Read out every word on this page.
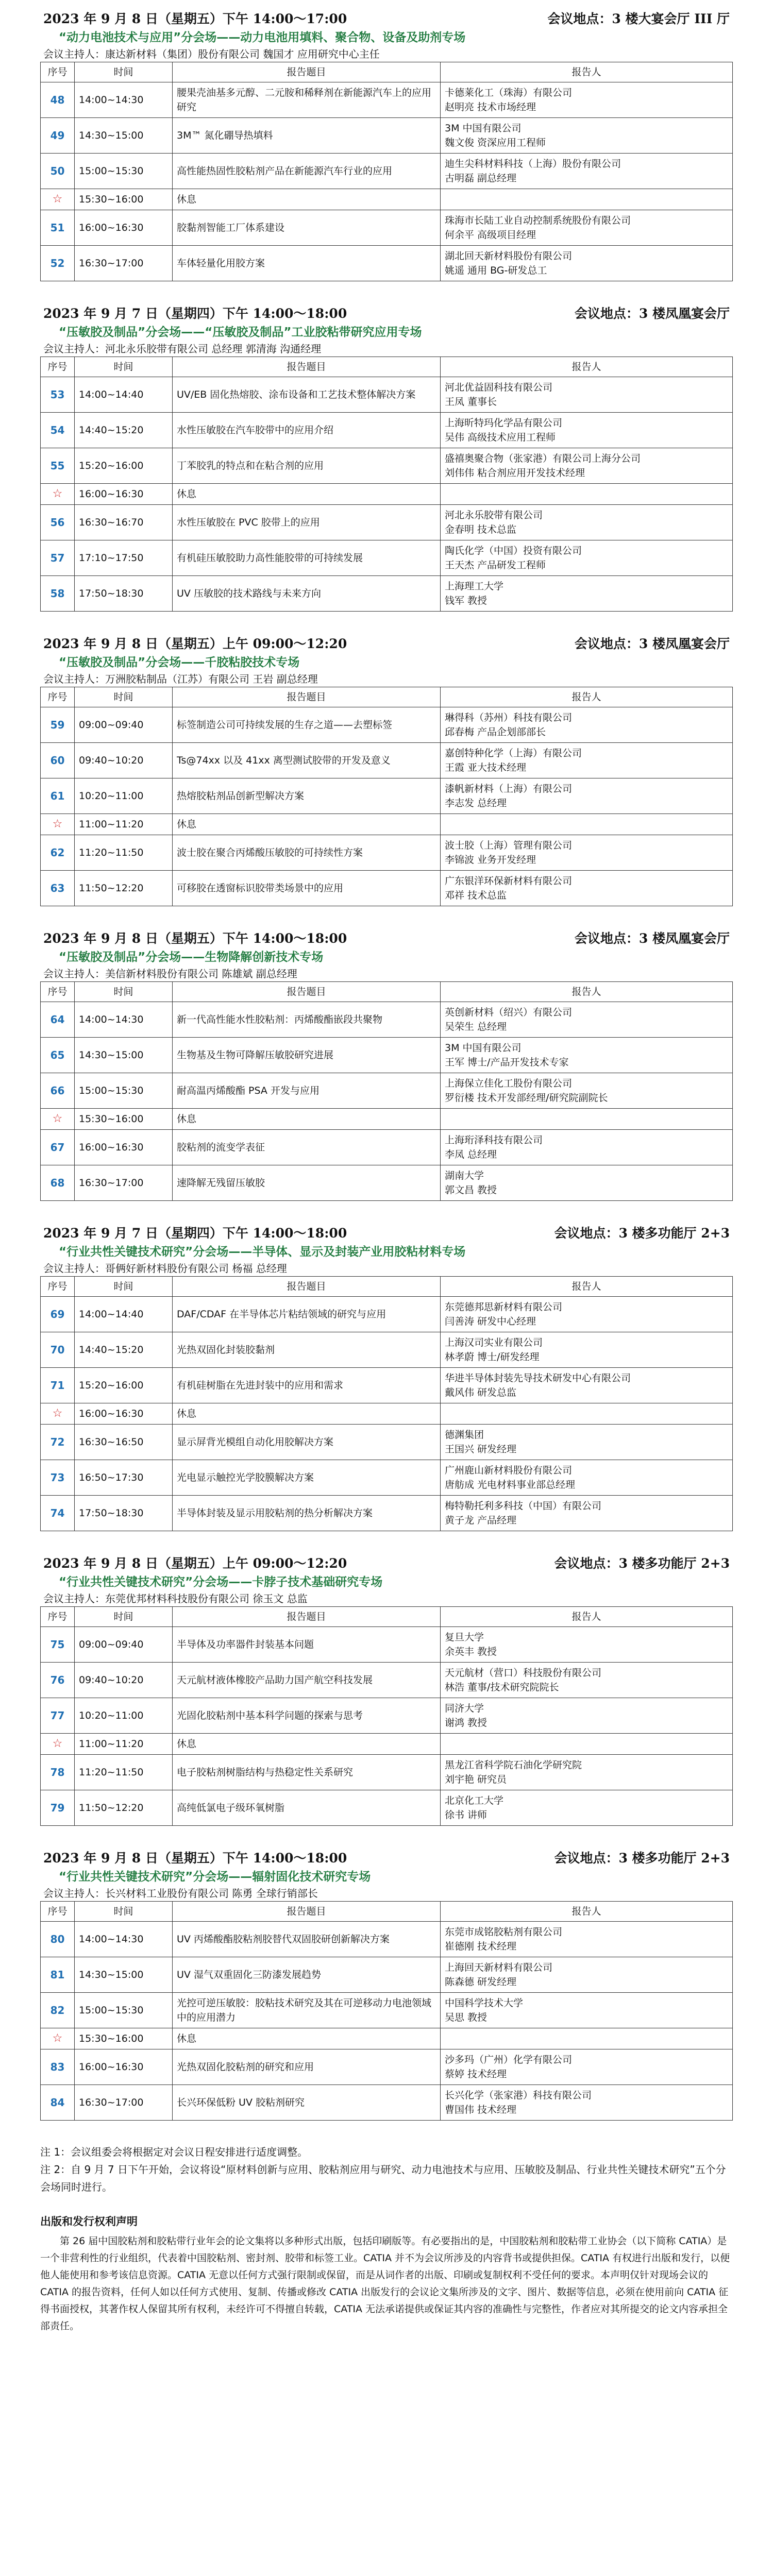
2023 年 9 月 8 日（星期五）下午 14:00～17:00	会议地点：3 楼大宴会厅 III 厅
“动力电池技术与应用”分会场——动力电池用填料、聚合物、设备及助剂专场
会议主持人：康达新材料（集团）股份有限公司 魏国才 应用研究中心主任
序号	时间	报告题目	报告人
48	14:00~14:30	腰果壳油基多元醇、二元胺和稀释剂在新能源汽车上的应用研究	卡德莱化工（珠海）有限公司
赵明亮 技术市场经理
49	14:30~15:00	3M™ 氮化硼导热填料	3M 中国有限公司
魏文俊 资深应用工程师
50	15:00~15:30	高性能热固性胶粘剂产品在新能源汽车行业的应用	迪生尖科材料科技（上海）股份有限公司
古明磊 副总经理
☆	15:30~16:00	休息	
51	16:00~16:30	胶黏剂智能工厂体系建设	珠海市长陆工业自动控制系统股份有限公司
何余平 高级项目经理
52	16:30~17:00	车体轻量化用胶方案	湖北回天新材料股份有限公司
姚遥 通用 BG-研发总工
2023 年 9 月 7 日（星期四）下午 14:00～18:00	会议地点：3 楼凤凰宴会厅
“压敏胶及制品”分会场——“压敏胶及制品”工业胶粘带研究应用专场
会议主持人：河北永乐胶带有限公司 总经理 郭清海 沟通经理
序号	时间	报告题目	报告人
53	14:00~14:40	UV/EB 固化热熔胶、涂布设备和工艺技术整体解决方案	河北优益固科技有限公司
王凤 董事长
54	14:40~15:20	水性压敏胶在汽车胶带中的应用介绍	上海昕特玛化学品有限公司
吴伟 高级技术应用工程师
55	15:20~16:00	丁苯胶乳的特点和在粘合剂的应用	盛禧奥聚合物（张家港）有限公司上海分公司
刘伟伟 粘合剂应用开发技术经理
☆	16:00~16:30	休息	
56	16:30~16:70	水性压敏胶在 PVC 胶带上的应用	河北永乐胶带有限公司
金春明 技术总监
57	17:10~17:50	有机硅压敏胶助力高性能胶带的可持续发展	陶氏化学（中国）投资有限公司
王天杰 产品研发工程师
58	17:50~18:30	UV 压敏胶的技术路线与未来方向	上海理工大学
钱军 教授
2023 年 9 月 8 日（星期五）上午 09:00～12:20	会议地点：3 楼凤凰宴会厅
“压敏胶及制品”分会场——千胶粘胶技术专场
会议主持人：万洲胶粘制品（江苏）有限公司 王岩 副总经理
序号	时间	报告题目	报告人
59	09:00~09:40	标签制造公司可持续发展的生存之道——去塑标签	琳得科（苏州）科技有限公司
邱春梅 产品企划部部长
60	09:40~10:20	Ts@74xx 以及 41xx 离型测试胶带的开发及意义	嘉创特种化学（上海）有限公司
王霞 亚大技术经理
61	10:20~11:00	热熔胶粘剂品创新型解决方案	漆帆新材料（上海）有限公司
李志发 总经理
☆	11:00~11:20	休息	
62	11:20~11:50	波士胶在聚合丙烯酸压敏胶的可持续性方案	波士胶（上海）管理有限公司
李锦波 业务开发经理
63	11:50~12:20	可移胶在透窗标识胶带类场景中的应用	广东银洋环保新材料有限公司
邓祥 技术总监
2023 年 9 月 8 日（星期五）下午 14:00～18:00	会议地点：3 楼凤凰宴会厅
“压敏胶及制品”分会场——生物降解创新技术专场
会议主持人：美信新材料股份有限公司 陈雄斌 副总经理
序号	时间	报告题目	报告人
64	14:00~14:30	新一代高性能水性胶粘剂：丙烯酸酯嵌段共聚物	英创新材料（绍兴）有限公司
吴荣生 总经理
65	14:30~15:00	生物基及生物可降解压敏胶研究进展	3M 中国有限公司
王军 博士/产品开发技术专家
66	15:00~15:30	耐高温丙烯酸酯 PSA 开发与应用	上海保立佳化工股份有限公司
罗衍楼 技术开发部经理/研究院副院长
☆	15:30~16:00	休息	
67	16:00~16:30	胶粘剂的流变学表征	上海珩泽科技有限公司
李凤 总经理
68	16:30~17:00	速降解无残留压敏胶	湖南大学
郭文昌 教授
2023 年 9 月 7 日（星期四）下午 14:00～18:00	会议地点：3 楼多功能厅 2+3
“行业共性关键技术研究”分会场——半导体、显示及封装产业用胶粘材料专场
会议主持人：哥俩好新材料股份有限公司 杨福 总经理
序号	时间	报告题目	报告人
69	14:00~14:40	DAF/CDAF 在半导体芯片粘结领域的研究与应用	东莞德邦思新材料有限公司
闫善涛 研发中心经理
70	14:40~15:20	光热双固化封装胶黏剂	上海汉司实业有限公司
林孝蔚 博士/研发经理
71	15:20~16:00	有机硅树脂在先进封装中的应用和需求	华进半导体封装先导技术研发中心有限公司
戴风伟 研发总监
☆	16:00~16:30	休息	
72	16:30~16:50	显示屏背光模组自动化用胶解决方案	德渊集团
王国兴 研发经理
73	16:50~17:30	光电显示触控光学胶膜解决方案	广州鹿山新材料股份有限公司
唐舫成 光电材料事业部总经理
74	17:50~18:30	半导体封装及显示用胶粘剂的热分析解决方案	梅特勒托利多科技（中国）有限公司
黄子龙 产品经理
2023 年 9 月 8 日（星期五）上午 09:00～12:20	会议地点：3 楼多功能厅 2+3
“行业共性关键技术研究”分会场——卡脖子技术基础研究专场
会议主持人：东莞优邦材料科技股份有限公司 徐玉文 总监
序号	时间	报告题目	报告人
75	09:00~09:40	半导体及功率器件封装基本问题	复旦大学
余英丰 教授
76	09:40~10:20	天元航材液体橡胶产品助力国产航空科技发展	天元航材（营口）科技股份有限公司
林浩 董事/技术研究院院长
77	10:20~11:00	光固化胶粘剂中基本科学问题的探索与思考	同济大学
谢鸿 教授
☆	11:00~11:20	休息	
78	11:20~11:50	电子胶粘剂树脂结构与热稳定性关系研究	黑龙江省科学院石油化学研究院
刘宇艳 研究员
79	11:50~12:20	高纯低氯电子级环氧树脂	北京化工大学
徐书 讲师
2023 年 9 月 8 日（星期五）下午 14:00～18:00	会议地点：3 楼多功能厅 2+3
“行业共性关键技术研究”分会场——辐射固化技术研究专场
会议主持人：长兴材料工业股份有限公司 陈勇 全球行销部长
序号	时间	报告题目	报告人
80	14:00~14:30	UV 丙烯酸酯胶粘剂胶替代双固胶研创新解决方案	东莞市成铭胶粘剂有限公司
崔德刚 技术经理
81	14:30~15:00	UV 湿气双重固化三防漆发展趋势	上海回天新材料有限公司
陈森德 研发经理
82	15:00~15:30	光控可逆压敏胶：胶粘技术研究及其在可逆移动力电池领域中的应用潜力	中国科学技术大学
吴思 教授
☆	15:30~16:00	休息	
83	16:00~16:30	光热双固化胶粘剂的研究和应用	沙多玛（广州）化学有限公司
蔡婷 技术经理
84	16:30~17:00	长兴环保低粉 UV 胶粘剂研究	长兴化学（张家港）科技有限公司
曹国伟 技术经理
注 1：会议组委会将根据定对会议日程安排进行适度调整。
注 2：自 9 月 7 日下午开始，会议将设“原材料创新与应用、胶粘剂应用与研究、动力电池技术与应用、压敏胶及制品、行业共性关键技术研究”五个分会场同时进行。
出版和发行权利声明
第 26 届中国胶粘剂和胶粘带行业年会的论文集将以多种形式出版，包括印刷版等。有必要指出的是，中国胶粘剂和胶粘带工业协会（以下简称 CATIA）是一个非营利性的行业组织，代表着中国胶粘剂、密封剂、胶带和标签工业。CATIA 并不为会议所涉及的内容背书或提供担保。CATIA 有权进行出版和发行，以便他人能使用和参考该信息资源。CATIA 无意以任何方式强行限制或保留，而是从词作者的出版、印刷或复制权利不受任何的要求。本声明仅针对现场会议的 CATIA 的报告资料，任何人如以任何方式使用、复制、传播或修改 CATIA 出版发行的会议论文集所涉及的文字、图片、数据等信息，必须在使用前向 CATIA 征得书面授权，其著作权人保留其所有权利，未经许可不得擅自转载，CATIA 无法承诺提供或保证其内容的准确性与完整性，作者应对其所提交的论文内容承担全部责任。
